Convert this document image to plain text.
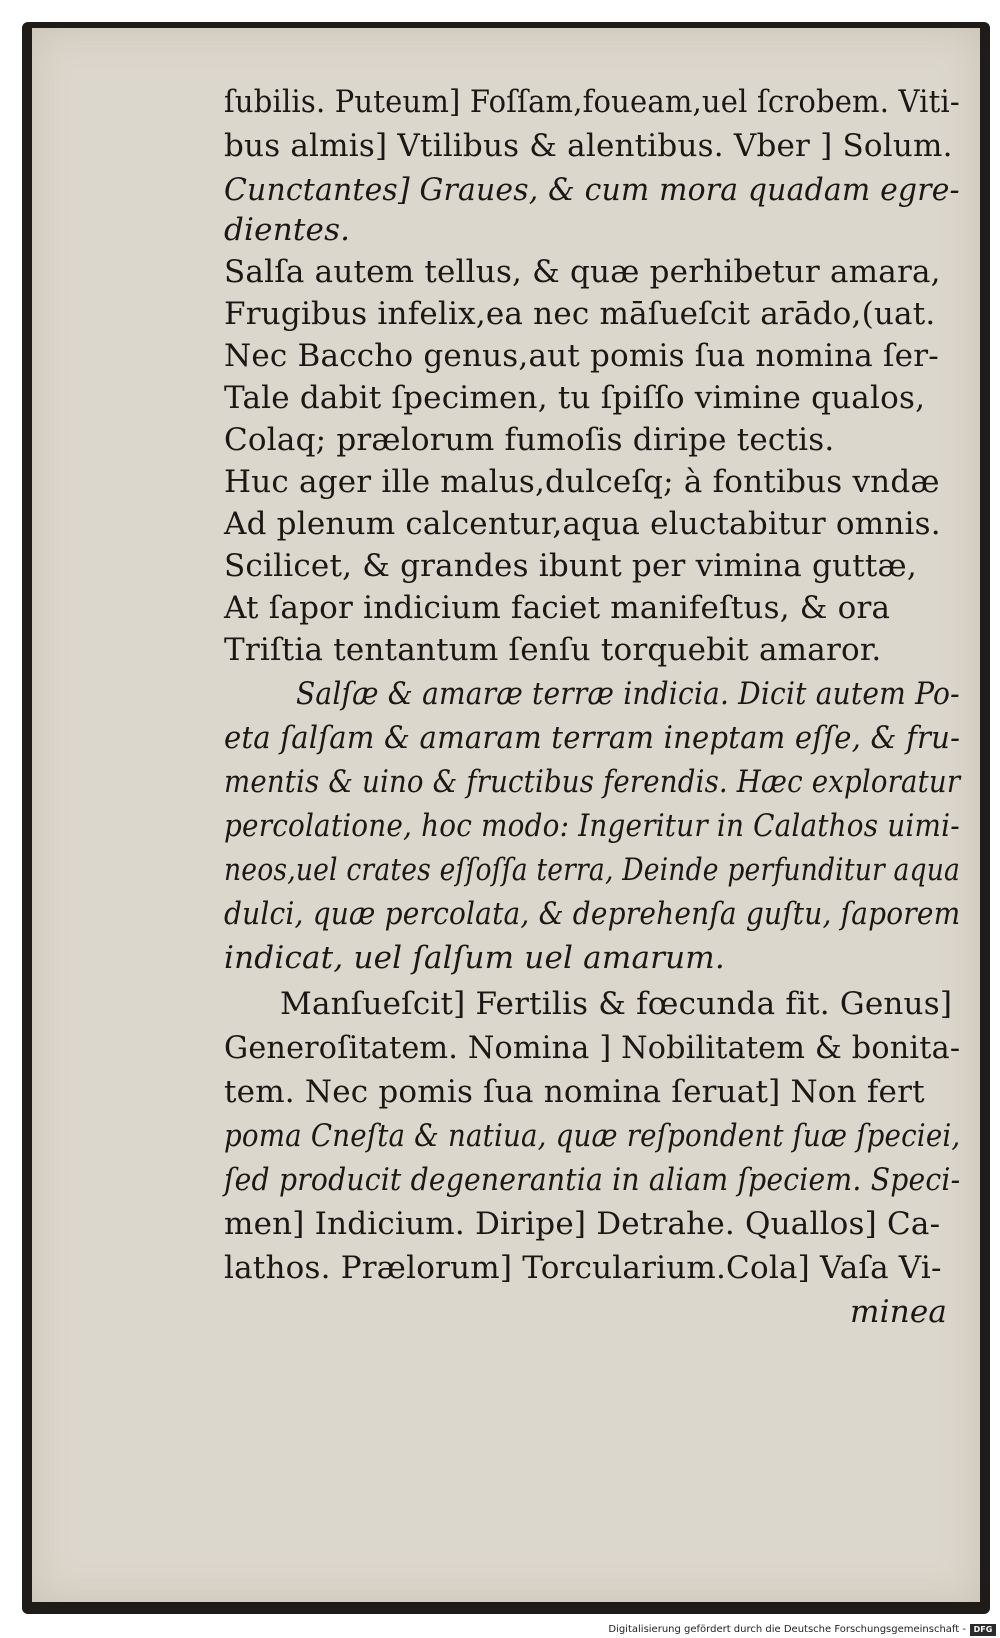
ſubilis. Puteum] Foſſam,foueam,uel ſcrobem. Viti-
bus almis] Vtilibus & alentibus. Vber ] Solum.
Cunctantes] Graues, & cum mora quadam egre-
dientes.
Salſa autem tellus, & quæ perhibetur amara,
Frugibus infelix,ea nec māſueſcit arādo,(uat.
Nec Baccho genus,aut pomis ſua nomina ſer-
Tale dabit ſpecimen, tu ſpiſſo vimine qualos,
Colaq; prælorum fumoſis diripe tectis.
Huc ager ille malus,dulceſq; à fontibus vndæ
Ad plenum calcentur,aqua eluctabitur omnis.
Scilicet, & grandes ibunt per vimina guttæ,
At ſapor indicium faciet manifeſtus, & ora
Triſtia tentantum ſenſu torquebit amaror.
Salſæ & amaræ terræ indicia. Dicit autem Po-
eta ſalſam & amaram terram ineptam eſſe, & fru-
mentis & uino & fructibus ferendis. Hæc exploratur
percolatione, hoc modo: Ingeritur in Calathos uimi-
neos,uel crates eſſoſſa terra, Deinde perfunditur aqua
dulci, quæ percolata, & deprehenſa guſtu, ſaporem
indicat, uel ſalſum uel amarum.
Manſueſcit] Fertilis & fœcunda fit. Genus]
Generoſitatem. Nomina ] Nobilitatem & bonita-
tem. Nec pomis ſua nomina ſeruat] Non fert
poma Cneſta & natiua, quæ reſpondent ſuæ ſpeciei,
ſed producit degenerantia in aliam ſpeciem. Speci-
men] Indicium. Diripe] Detrahe. Quallos] Ca-
lathos. Prælorum] Torcularium.Cola] Vaſa Vi-
minea
Digitalisierung gefördert durch die Deutsche Forschungsgemeinschaft - DFG
